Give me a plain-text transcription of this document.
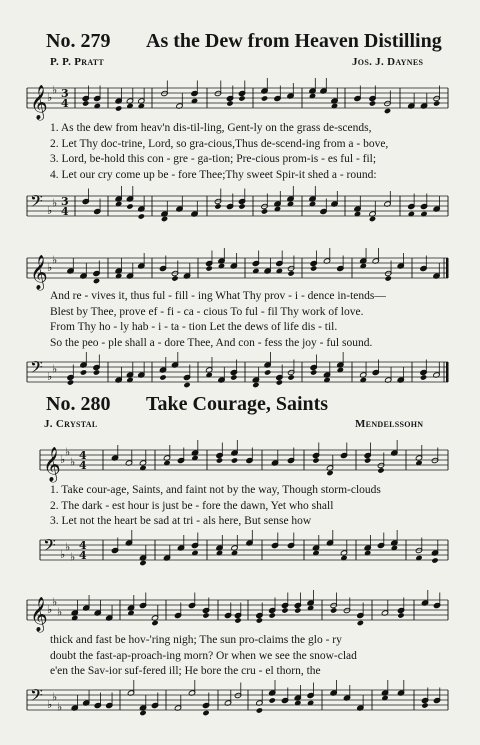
No. 279 As the Dew from Heaven Distilling
P. P. Pratt	Jos. J. Daynes
𝄞 ♭
♭ 3
4
1. As the dew from heav'n dis-til-ling, Gent-ly on the grass de-scends,
2. Let Thy doc-trine, Lord, so gra-cious,Thus de-scend-ing from a - bove,
3. Lord, be-hold this con - gre - ga-tion; Pre-cious prom-is - es ful - fil;
4. Let our cry come up be - fore Thee;Thy sweet Spir-it shed a - round:
𝄢 ♭
♭ 3
4
𝄞 ♭
♭
And re - vives it, thus ful - fill - ing What Thy prov - i - dence in-tends—
Blest by Thee, prove ef - fi - ca - cious To ful - fil Thy work of love.
From Thy ho - ly hab - i - ta - tion Let the dews of life dis - til.
So the peo - ple shall a - dore Thee, And con - fess the joy - ful sound.
𝄢 ♭
♭
No. 280 Take Courage, Saints
J. Crystal	Mendelssohn
𝄞 ♭
♭
♭ 4
4
1. Take cour-age, Saints, and faint not by the way, Though storm-clouds
2. The dark - est hour is just be - fore the dawn, Yet who shall
3. Let not the heart be sad at tri - als here, But sense how
𝄢 ♭
♭
♭
4
4
𝄞 ♭
♭
♭
thick and fast be hov-'ring nigh; The sun pro-claims the glo - ry
doubt the fast-ap-proach-ing morn? Or when we see the snow-clad
e'en the Sav-ior suf-fered ill; He bore the cru - el thorn, the
𝄢 ♭
♭
♭
